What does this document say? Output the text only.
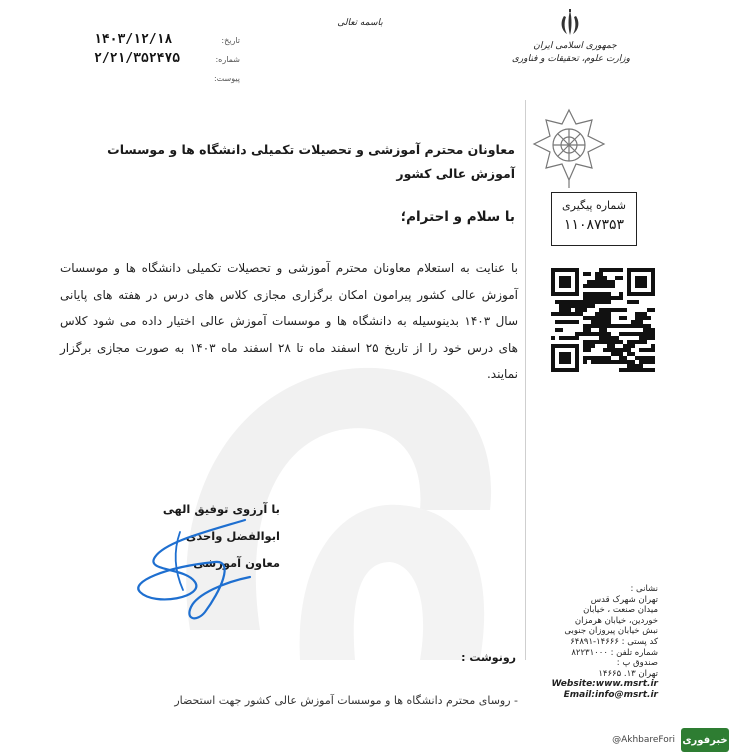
جمهوری اسلامی ایران
وزارت علوم، تحقیقات و فناوری
باسمه تعالی
تاریخ:
۱۴۰۳/۱۲/۱۸
شماره:
۲/۲۱/۳۵۲۴۷۵
پیوست:
شماره پیگیری
۱۱۰۸۷۳۵۳
معاونان محترم آموزشی و تحصیلات تکمیلی دانشگاه ها و موسسات آموزش عالی کشور
با سلام و احترام؛
با عنایت به استعلام معاونان محترم آموزشی و تحصیلات تکمیلی دانشگاه ها و موسسات آموزش عالی کشور پیرامون امکان برگزاری مجازی کلاس های درس در هفته های پایانی سال ۱۴۰۳ بدینوسیله به دانشگاه ها و موسسات آموزش عالی اختیار داده می شود کلاس های درس خود را از تاریخ ۲۵ اسفند ماه تا ۲۸ اسفند ماه ۱۴۰۳ به صورت مجازی برگزار نمایند.
با آرزوی توفیق الهی
ابوالفضل واحدی
معاون آموزشی
رونوشت :
- روسای محترم دانشگاه ها و موسسات آموزش عالی کشور جهت استحضار
نشانی :
تهران شهرک قدس
میدان صنعت ، خیابان
خوردین، خیابان هرمزان
نبش خیابان پیروزان جنوبی
کد پستی : ۱۴۶۶۶-۶۴۸۹۱
شماره تلفن : ۸۲۲۳۱۰۰۰
صندوق پ :
تهران ۱۳. ۱۴۶۶۵
Website:www.msrt.ir
Email:info@msrt.ir
@AkhbareFori خبرفوری
